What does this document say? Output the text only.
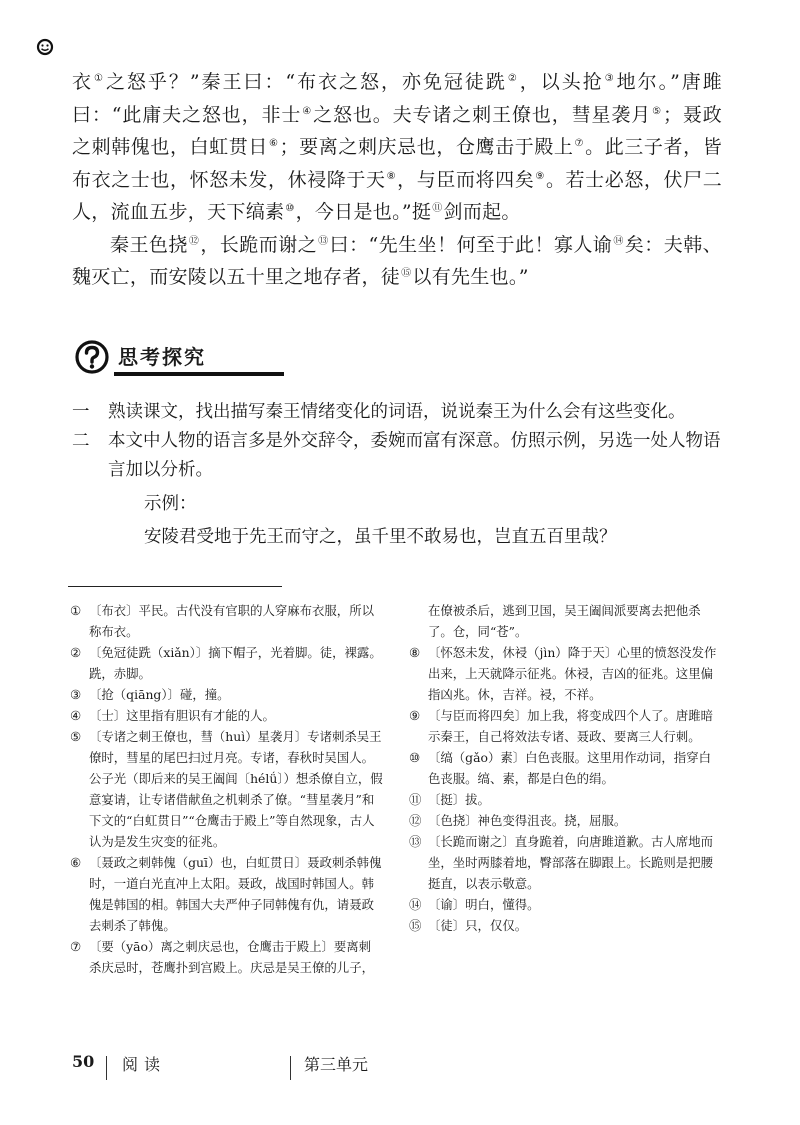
衣①之怒乎？”秦王曰：“布衣之怒，亦免冠徒跣②，以头抢③地尔。”唐雎曰：“此庸夫之怒也，非士④之怒也。夫专诸之刺王僚也，彗星袭月⑤；聂政之刺韩傀也，白虹贯日⑥；要离之刺庆忌也，仓鹰击于殿上⑦。此三子者，皆布衣之士也，怀怒未发，休祲降于天⑧，与臣而将四矣⑨。若士必怒，伏尸二人，流血五步，天下缟素⑩，今日是也。”挺⑪剑而起。

秦王色挠⑫，长跪而谢之⑬曰：“先生坐！何至于此！寡人谕⑭矣：夫韩、魏灭亡，而安陵以五十里之地存者，徒⑮以有先生也。”

思考探究

一 熟读课文，找出描写秦王情绪变化的词语，说说秦王为什么会有这些变化。

二 本文中人物的语言多是外交辞令，委婉而富有深意。仿照示例，另选一处人物语言加以分析。

示例：

安陵君受地于先王而守之，虽千里不敢易也，岂直五百里哉？

① 〔布衣〕平民。古代没有官职的人穿麻布衣服，所以称布衣。

② 〔免冠徒跣（xiǎn）〕摘下帽子，光着脚。徒，裸露。跣，赤脚。

③ 〔抢（qiāng）〕碰，撞。

④ 〔士〕这里指有胆识有才能的人。

⑤ 〔专诸之刺王僚也，彗（huì）星袭月〕专诸刺杀吴王僚时，彗星的尾巴扫过月亮。专诸，春秋时吴国人。公子光（即后来的吴王阖闾〔hélǘ〕）想杀僚自立，假意宴请，让专诸借献鱼之机刺杀了僚。“彗星袭月”和下文的“白虹贯日”“仓鹰击于殿上”等自然现象，古人认为是发生灾变的征兆。

⑥ 〔聂政之刺韩傀（guī）也，白虹贯日〕聂政刺杀韩傀时，一道白光直冲上太阳。聂政，战国时韩国人。韩傀是韩国的相。韩国大夫严仲子同韩傀有仇，请聂政去刺杀了韩傀。

⑦ 〔要（yāo）离之刺庆忌也，仓鹰击于殿上〕要离刺杀庆忌时，苍鹰扑到宫殿上。庆忌是吴王僚的儿子，在僚被杀后，逃到卫国，吴王阖闾派要离去把他杀了。仓，同“苍”。

⑧ 〔怀怒未发，休祲（jìn）降于天〕心里的愤怒没发作出来，上天就降示征兆。休祲，吉凶的征兆。这里偏指凶兆。休，吉祥。祲，不祥。

⑨ 〔与臣而将四矣〕加上我，将变成四个人了。唐雎暗示秦王，自己将效法专诸、聂政、要离三人行刺。

⑩ 〔缟（gǎo）素〕白色丧服。这里用作动词，指穿白色丧服。缟、素，都是白色的绢。

⑪ 〔挺〕拔。

⑫ 〔色挠〕神色变得沮丧。挠，屈服。

⑬ 〔长跪而谢之〕直身跪着，向唐雎道歉。古人席地而坐，坐时两膝着地，臀部落在脚跟上。长跪则是把腰挺直，以表示敬意。

⑭ 〔谕〕明白，懂得。

⑮ 〔徒〕只，仅仅。

50 阅读	第三单元
